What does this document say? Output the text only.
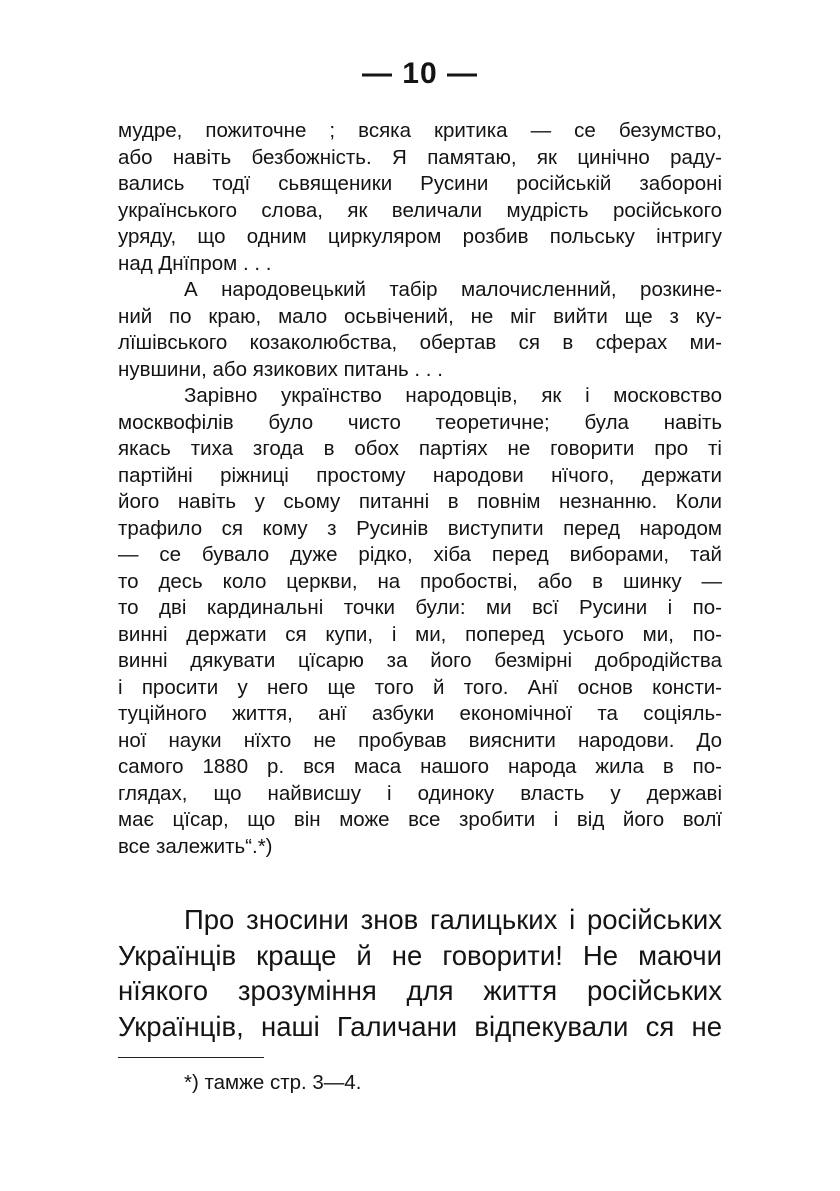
— 10 —
мудре, пожиточне ; всяка критика — се безумство,
або навіть безбожність. Я памятаю, як цинічно раду-
вались тодї сьвященики Русини російській забороні
українського слова, як величали мудрість російського
уряду, що одним циркуляром розбив польську інтригу
над Днїпром . . .
А народовецький табір малочисленний, розкине-
ний по краю, мало осьвічений, не міг вийти ще з ку-
лїшівського козаколюбства, обертав ся в сферах ми-
нувшини, або язикових питань . . .
Зарівно українство народовців, як і московство
москвофілів було чисто теоретичне; була навіть
якась тиха згода в обох партіях не говорити про ті
партійні ріжниці простому народови нїчого, держати
його навіть у сьому питанні в повнім незнанню. Коли
трафило ся кому з Русинів виступити перед народом
— се бувало дуже рідко, хіба перед виборами, тай
то десь коло церкви, на пробостві, або в шинку —
то дві кардинальні точки були: ми всї Русини і по-
винні держати ся купи, і ми, поперед усього ми, по-
винні дякувати цїсарю за його безмірні добродійства
і просити у него ще того й того. Анї основ консти-
туційного життя, анї азбуки економічної та соціяль-
ної науки нїхто не пробував вияснити народови. До
самого 1880 р. вся маса нашого народа жила в по-
глядах, що найвисшу і одиноку власть у державі
має цїсар, що він може все зробити і від його волї
все залежить“.*)
Про зносини знов галицьких і російських
Українців краще й не говорити! Не маючи
нїякого зрозуміння для життя російських
Українців, наші Галичани відпекували ся не
*) тамже стр. 3—4.
